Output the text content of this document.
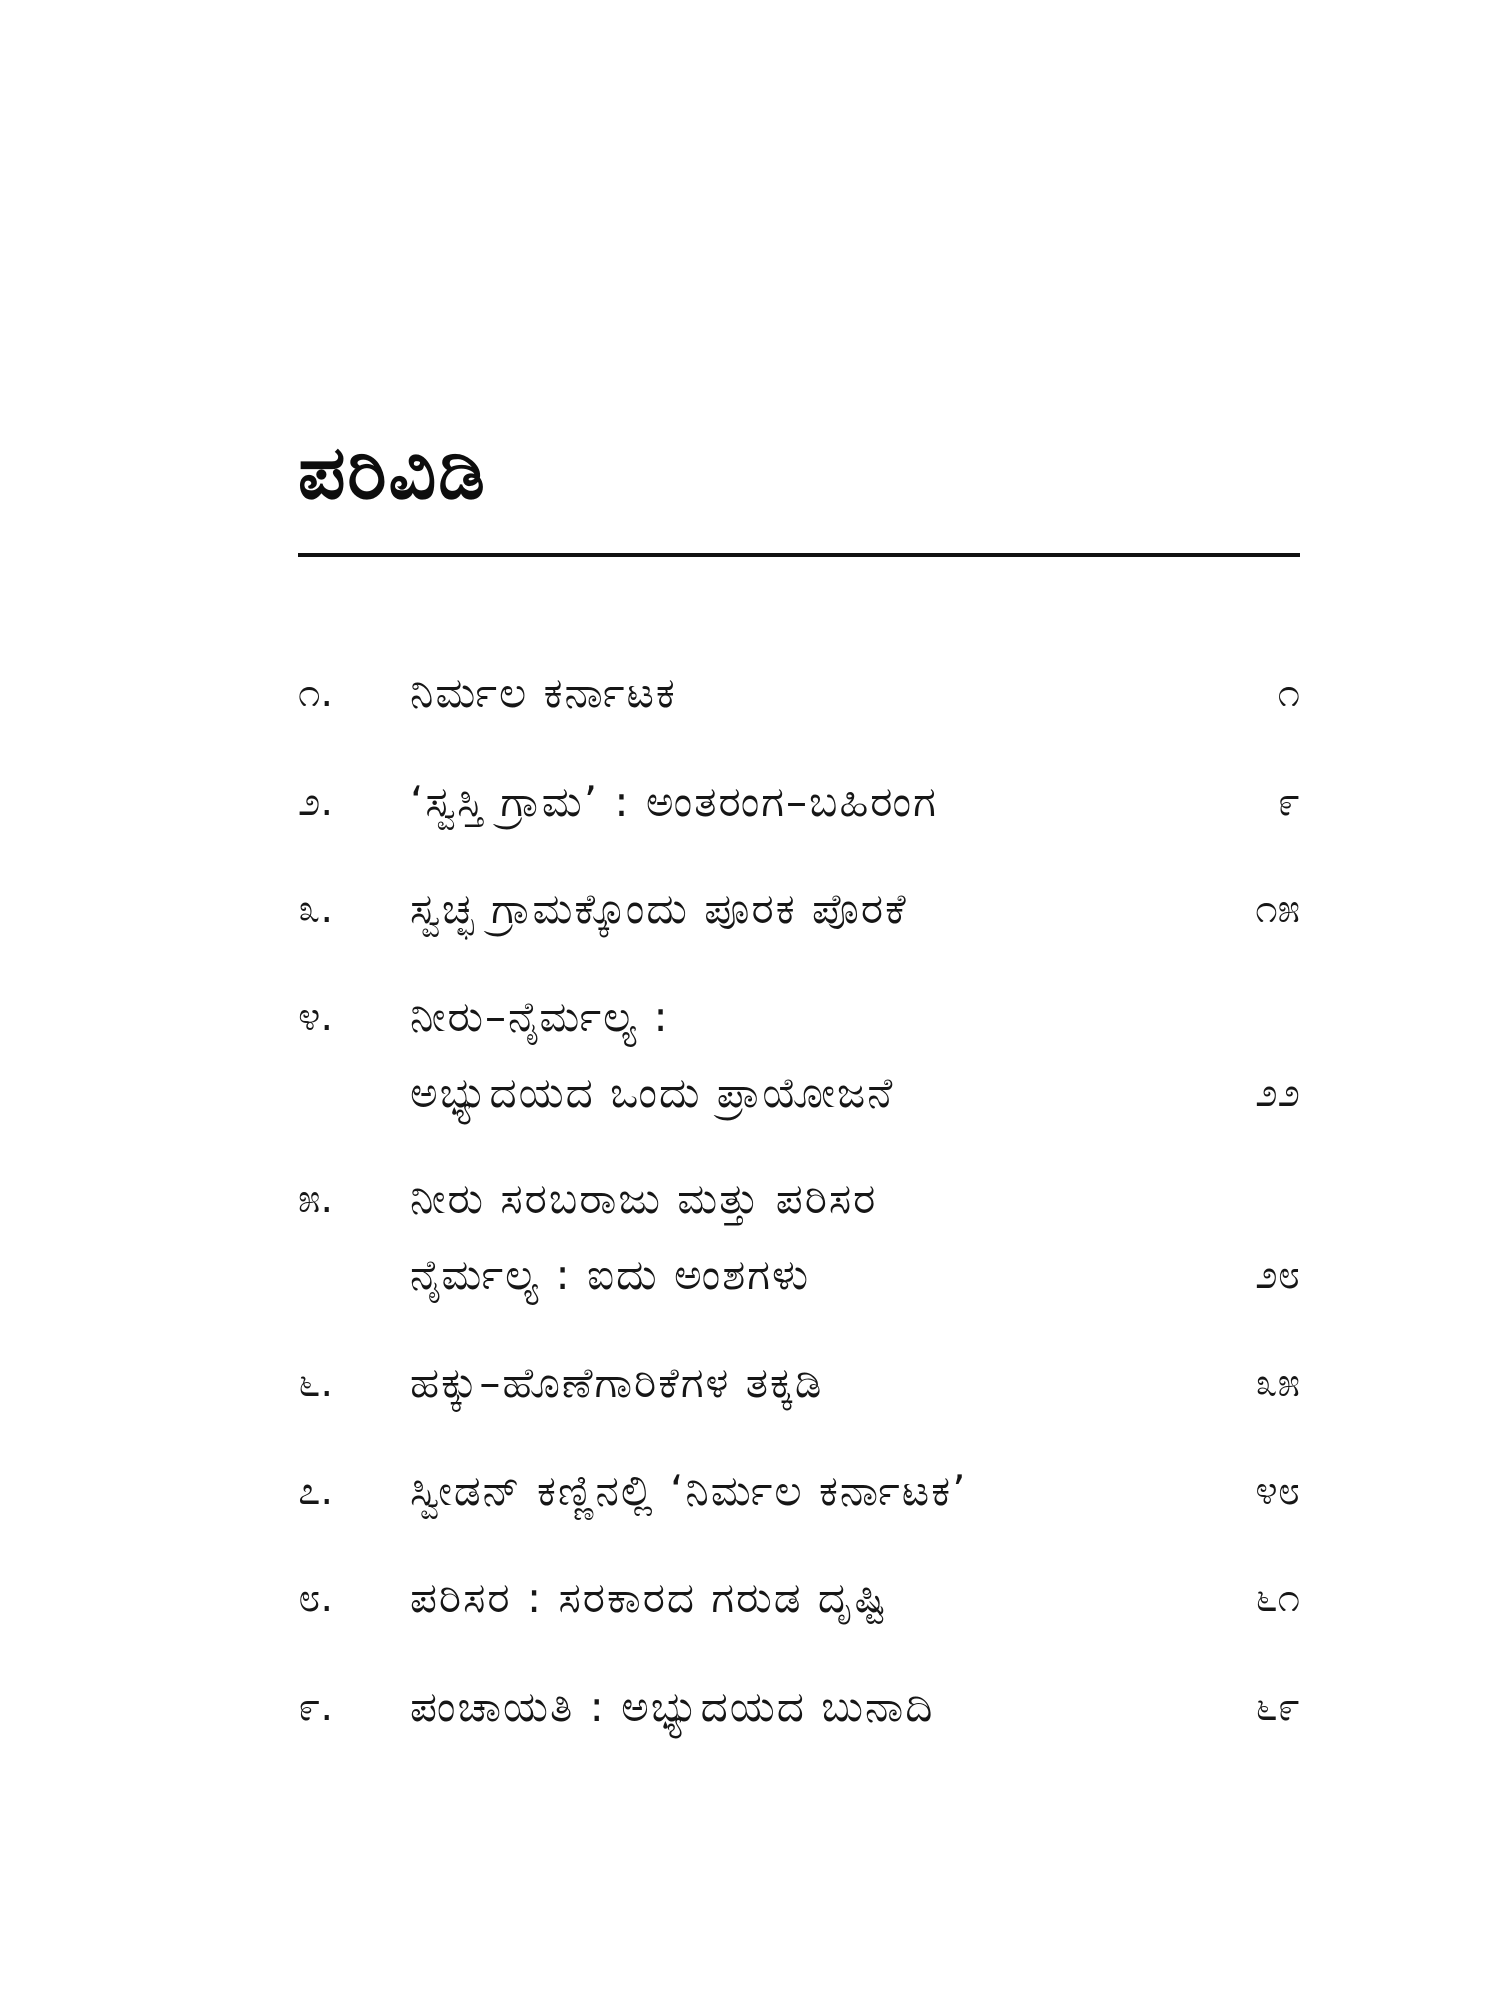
ಪರಿವಿಡಿ
೧.	ನಿರ್ಮಲ ಕರ್ನಾಟಕ	೧
೨.	‘ಸ್ವಸ್ತಿ ಗ್ರಾಮ’ : ಅಂತರಂಗ–ಬಹಿರಂಗ	೯
೩.	ಸ್ವಚ್ಛ ಗ್ರಾಮಕ್ಕೊಂದು ಪೂರಕ ಪೊರಕೆ	೧೫
೪.	ನೀರು–ನೈರ್ಮಲ್ಯ :
ಅಭ್ಯುದಯದ ಒಂದು ಪ್ರಾಯೋಜನೆ	೨೨
೫.	ನೀರು ಸರಬರಾಜು ಮತ್ತು ಪರಿಸರ
ನೈರ್ಮಲ್ಯ : ಐದು ಅಂಶಗಳು	೨೮
೬.	ಹಕ್ಕು–ಹೊಣೆಗಾರಿಕೆಗಳ ತಕ್ಕಡಿ	೩೫
೭.	ಸ್ವೀಡನ್ ಕಣ್ಣಿನಲ್ಲಿ ‘ನಿರ್ಮಲ ಕರ್ನಾಟಕ’	೪೮
೮.	ಪರಿಸರ : ಸರಕಾರದ ಗರುಡ ದೃಷ್ಟಿ	೬೧
೯.	ಪಂಚಾಯತಿ : ಅಭ್ಯುದಯದ ಬುನಾದಿ	೬೯
